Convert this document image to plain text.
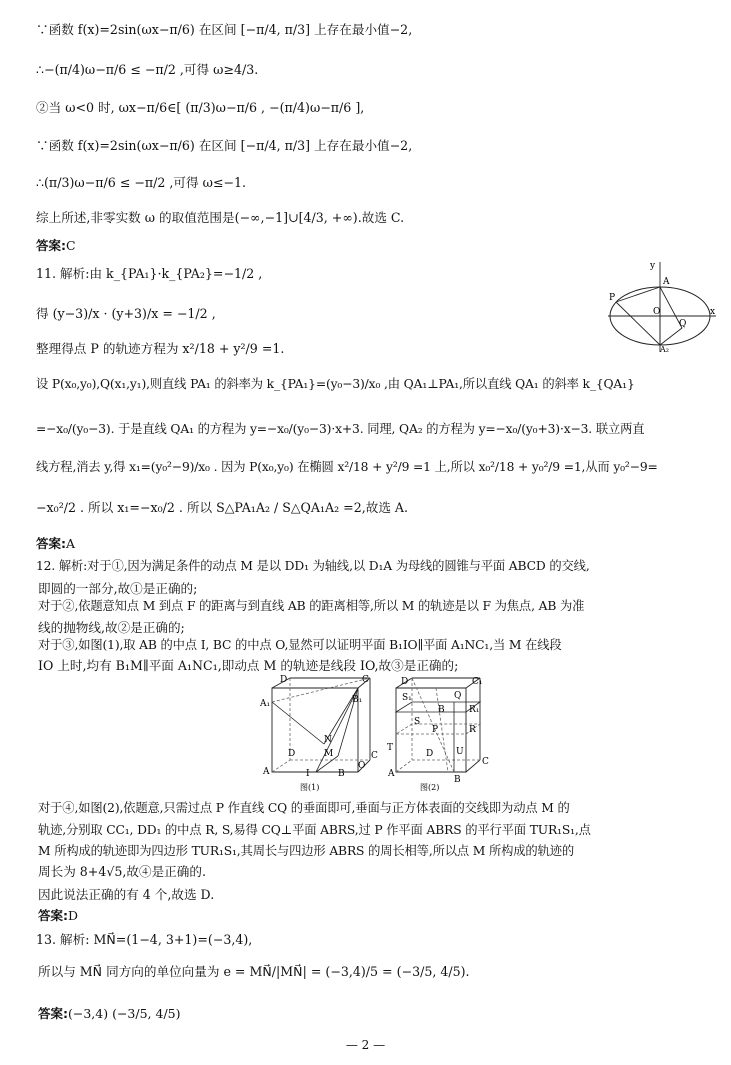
∵函数 f(x)=2sin(ωx−π/6) 在区间 [−π/4, π/3] 上存在最小值−2,
∴−(π/4)ω−π/6 ≤ −π/2 ,可得 ω≥4/3.
②当 ω<0 时, ωx−π/6∈[ (π/3)ω−π/6 , −(π/4)ω−π/6 ],
∵函数 f(x)=2sin(ωx−π/6) 在区间 [−π/4, π/3] 上存在最小值−2,
∴(π/3)ω−π/6 ≤ −π/2 ,可得 ω≤−1.
综上所述,非零实数 ω 的取值范围是(−∞,−1]∪[4/3, +∞).故选 C.
答案:C
11. 解析:由 k_{PA₁}·k_{PA₂}=−1/2 ,
得 (y−3)/x · (y+3)/x = −1/2 ,
整理得点 P 的轨迹方程为 x²/18 + y²/9 =1.
y
A
P
O
Q
x
A₂
设 P(x₀,y₀),Q(x₁,y₁),则直线 PA₁ 的斜率为 k_{PA₁}=(y₀−3)/x₀ ,由 QA₁⊥PA₁,所以直线 QA₁ 的斜率 k_{QA₁}
=−x₀/(y₀−3). 于是直线 QA₁ 的方程为 y=−x₀/(y₀−3)·x+3. 同理, QA₂ 的方程为 y=−x₀/(y₀+3)·x−3. 联立两直
线方程,消去 y,得 x₁=(y₀²−9)/x₀ . 因为 P(x₀,y₀) 在椭圆 x²/18 + y²/9 =1 上,所以 x₀²/18 + y₀²/9 =1,从而 y₀²−9=
−x₀²/2 . 所以 x₁=−x₀/2 . 所以 S△PA₁A₂ / S△QA₁A₂ =2,故选 A.
答案:A
12. 解析:对于①,因为满足条件的动点 M 是以 DD₁ 为轴线,以 D₁A 为母线的圆锥与平面 ABCD 的交线,
即圆的一部分,故①是正确的;
对于②,依题意知点 M 到点 F 的距离与到直线 AB 的距离相等,所以 M 的轨迹是以 F 为焦点, AB 为准
线的抛物线,故②是正确的;
对于③,如图(1),取 AB 的中点 I, BC 的中点 O,显然可以证明平面 B₁IO∥平面 A₁NC₁,当 M 在线段
IO 上时,均有 B₁M∥平面 A₁NC₁,即动点 M 的轨迹是线段 IO,故③是正确的;
D	C
A₁	B₁
N
D	C
M
A	I	B
O
图(1)
D	C₁
S₁	Q
B	R₁
S
P	R
T
D	U
C
A
B
图(2)
对于④,如图(2),依题意,只需过点 P 作直线 CQ 的垂面即可,垂面与正方体表面的交线即为动点 M 的
轨迹,分别取 CC₁, DD₁ 的中点 R, S,易得 CQ⊥平面 ABRS,过 P 作平面 ABRS 的平行平面 TUR₁S₁,点
M 所构成的轨迹即为四边形 TUR₁S₁,其周长与四边形 ABRS 的周长相等,所以点 M 所构成的轨迹的
周长为 8+4√5,故④是正确的.
因此说法正确的有 4 个,故选 D.
答案:D
13. 解析: MN⃗=(1−4, 3+1)=(−3,4),
所以与 MN⃗ 同方向的单位向量为 e = MN⃗/|MN⃗| = (−3,4)/5 = (−3/5, 4/5).
答案:(−3,4) (−3/5, 4/5)
— 2 —
